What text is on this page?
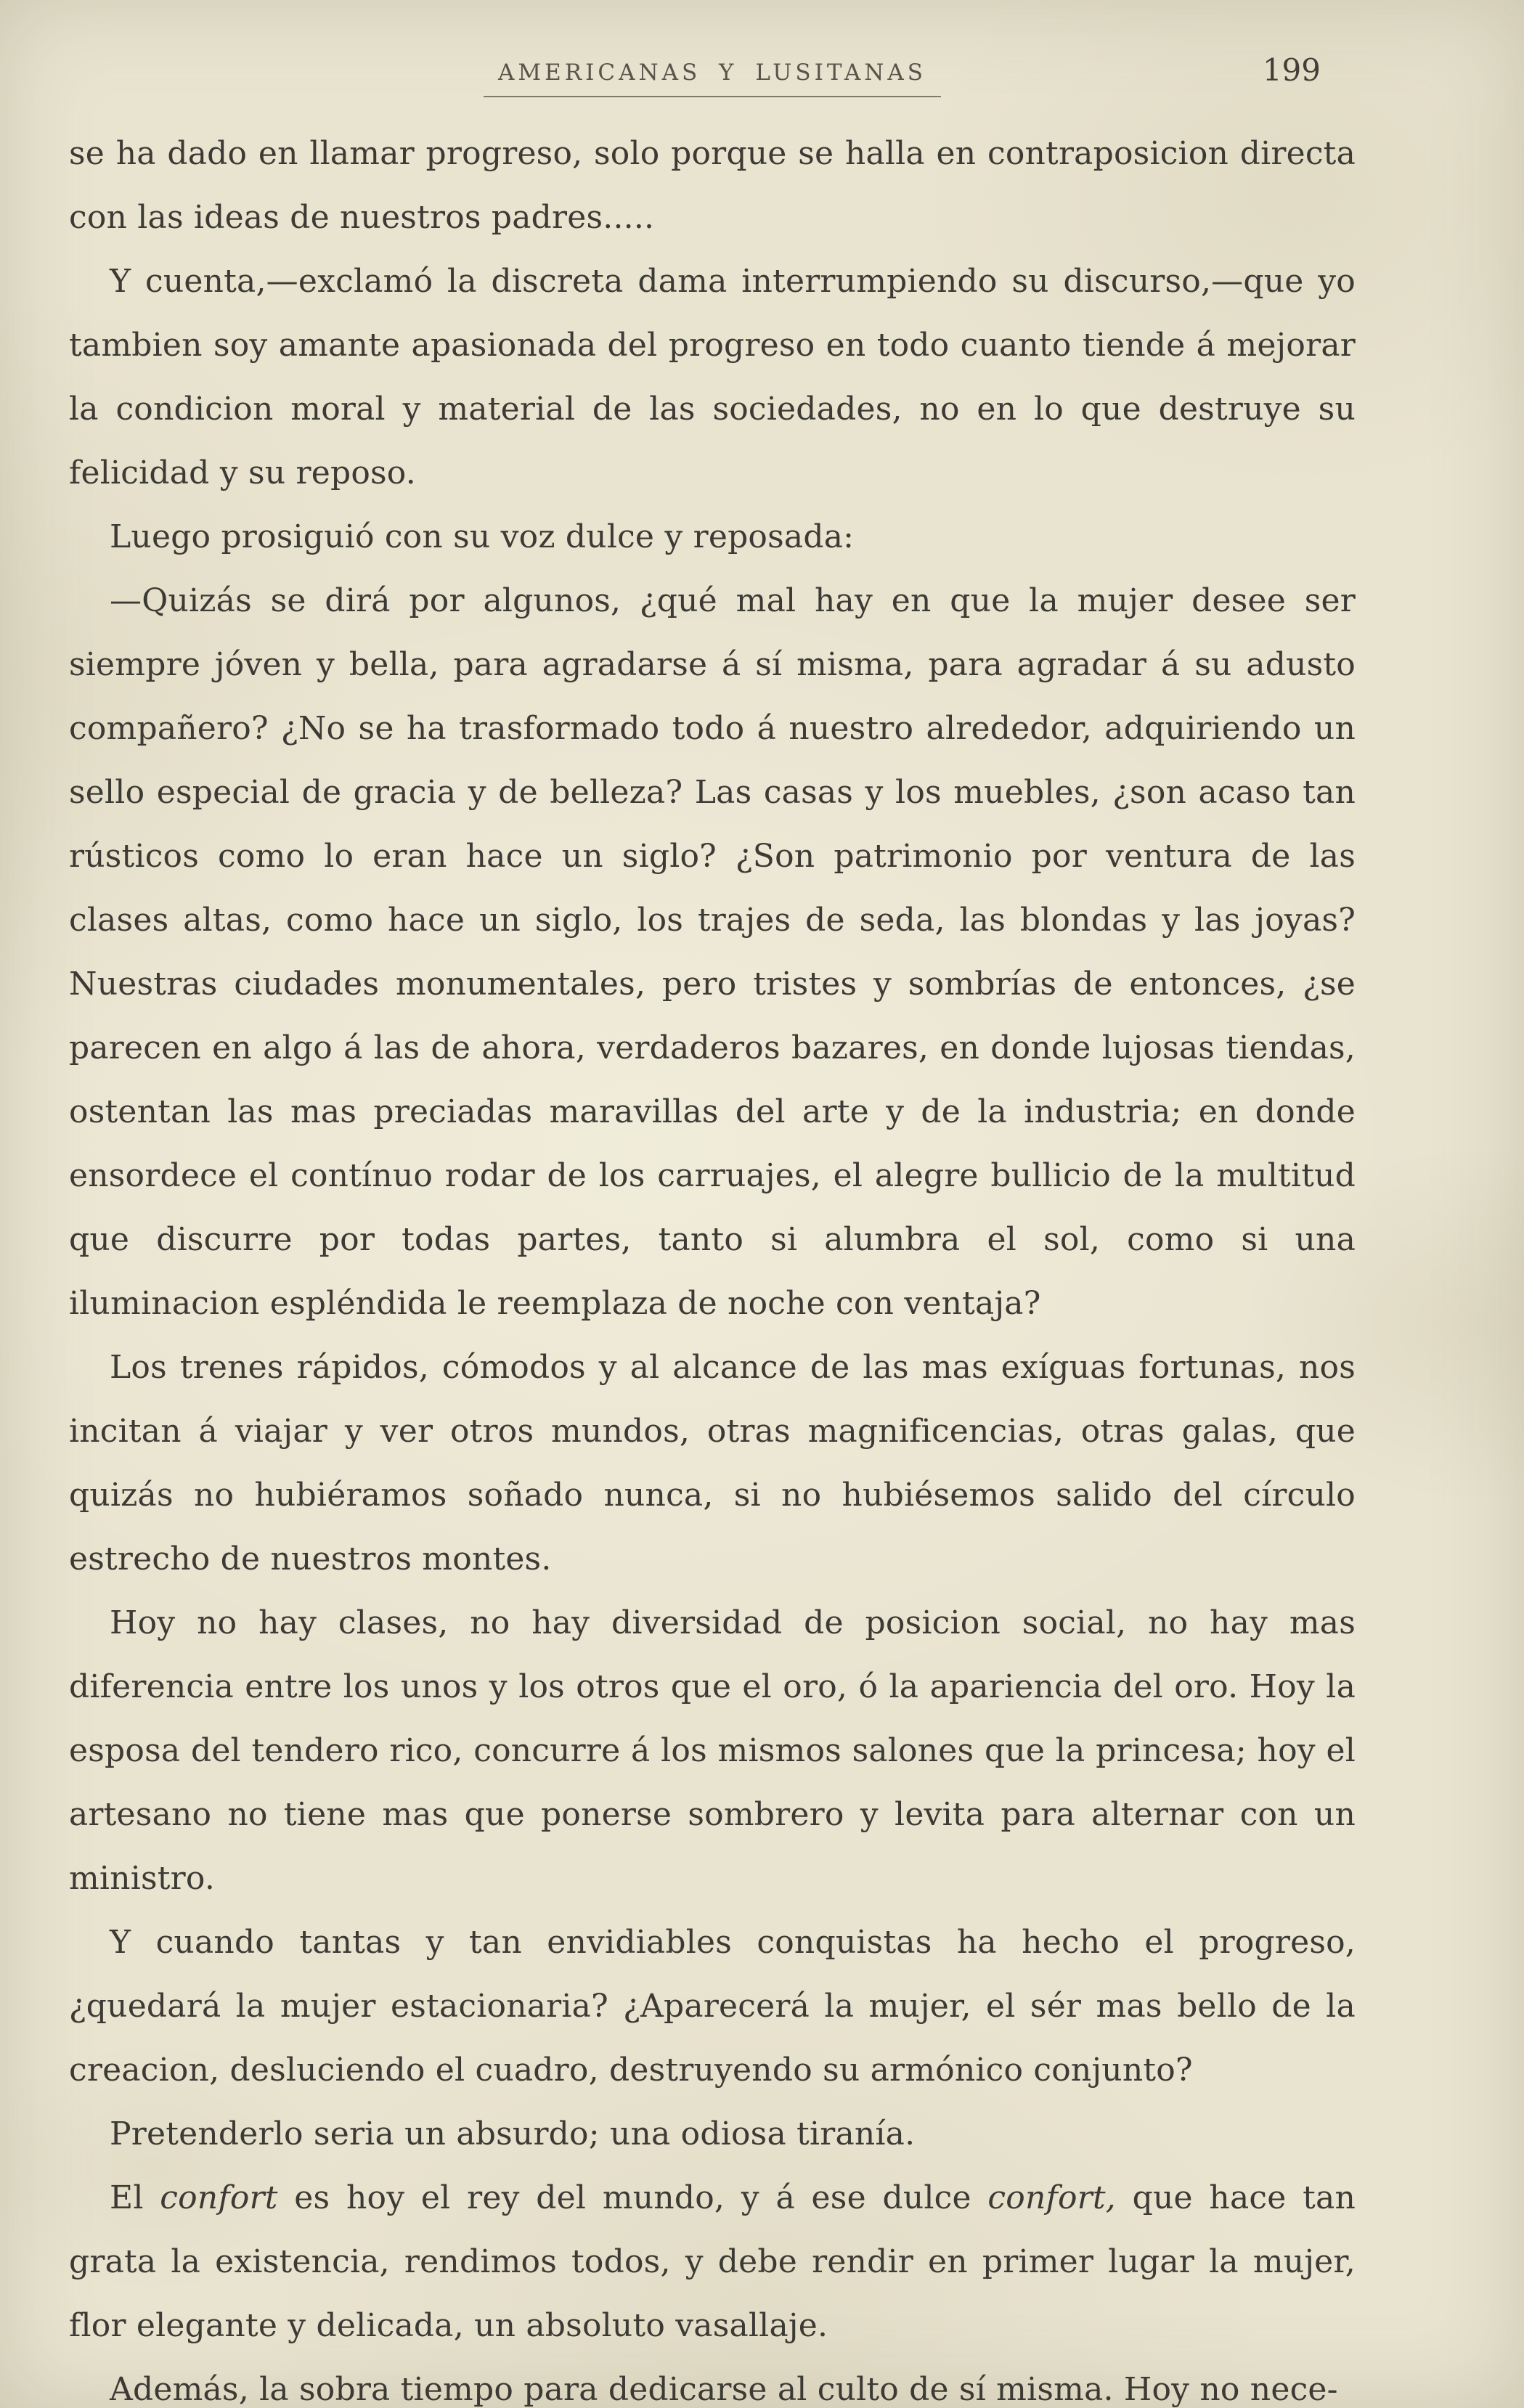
AMERICANAS Y LUSITANAS	199

se ha dado en llamar progreso, solo porque se halla en contraposicion directa con las ideas de nuestros padres.....

Y cuenta,—exclamó la discreta dama interrumpiendo su discurso,—que yo tambien soy amante apasionada del progreso en todo cuanto tiende á mejorar la condicion moral y material de las sociedades, no en lo que destruye su felicidad y su reposo.

Luego prosiguió con su voz dulce y reposada:

—Quizás se dirá por algunos, ¿qué mal hay en que la mujer desee ser siempre jóven y bella, para agradarse á sí misma, para agradar á su adusto compañero? ¿No se ha trasformado todo á nuestro alrededor, adquiriendo un sello especial de gracia y de belleza? Las casas y los muebles, ¿son acaso tan rústicos como lo eran hace un siglo? ¿Son patrimonio por ventura de las clases altas, como hace un siglo, los trajes de seda, las blondas y las joyas? Nuestras ciudades monumentales, pero tristes y sombrías de entonces, ¿se parecen en algo á las de ahora, verdaderos bazares, en donde lujosas tiendas, ostentan las mas preciadas maravillas del arte y de la industria; en donde ensordece el contínuo rodar de los carruajes, el alegre bullicio de la multitud que discurre por todas partes, tanto si alumbra el sol, como si una iluminacion espléndida le reemplaza de noche con ventaja?

Los trenes rápidos, cómodos y al alcance de las mas exíguas fortunas, nos incitan á viajar y ver otros mundos, otras magnificencias, otras galas, que quizás no hubiéramos soñado nunca, si no hubiésemos salido del círculo estrecho de nuestros montes.

Hoy no hay clases, no hay diversidad de posicion social, no hay mas diferencia entre los unos y los otros que el oro, ó la apariencia del oro. Hoy la esposa del tendero rico, concurre á los mismos salones que la princesa; hoy el artesano no tiene mas que ponerse sombrero y levita para alternar con un ministro.

Y cuando tantas y tan envidiables conquistas ha hecho el progreso, ¿quedará la mujer estacionaria? ¿Aparecerá la mujer, el sér mas bello de la creacion, desluciendo el cuadro, destruyendo su armónico conjunto?

Pretenderlo seria un absurdo; una odiosa tiranía.

El confort es hoy el rey del mundo, y á ese dulce confort, que hace tan grata la existencia, rendimos todos, y debe rendir en primer lugar la mujer, flor elegante y delicada, un absoluto vasallaje.

Además, la sobra tiempo para dedicarse al culto de sí misma. Hoy no nece-
